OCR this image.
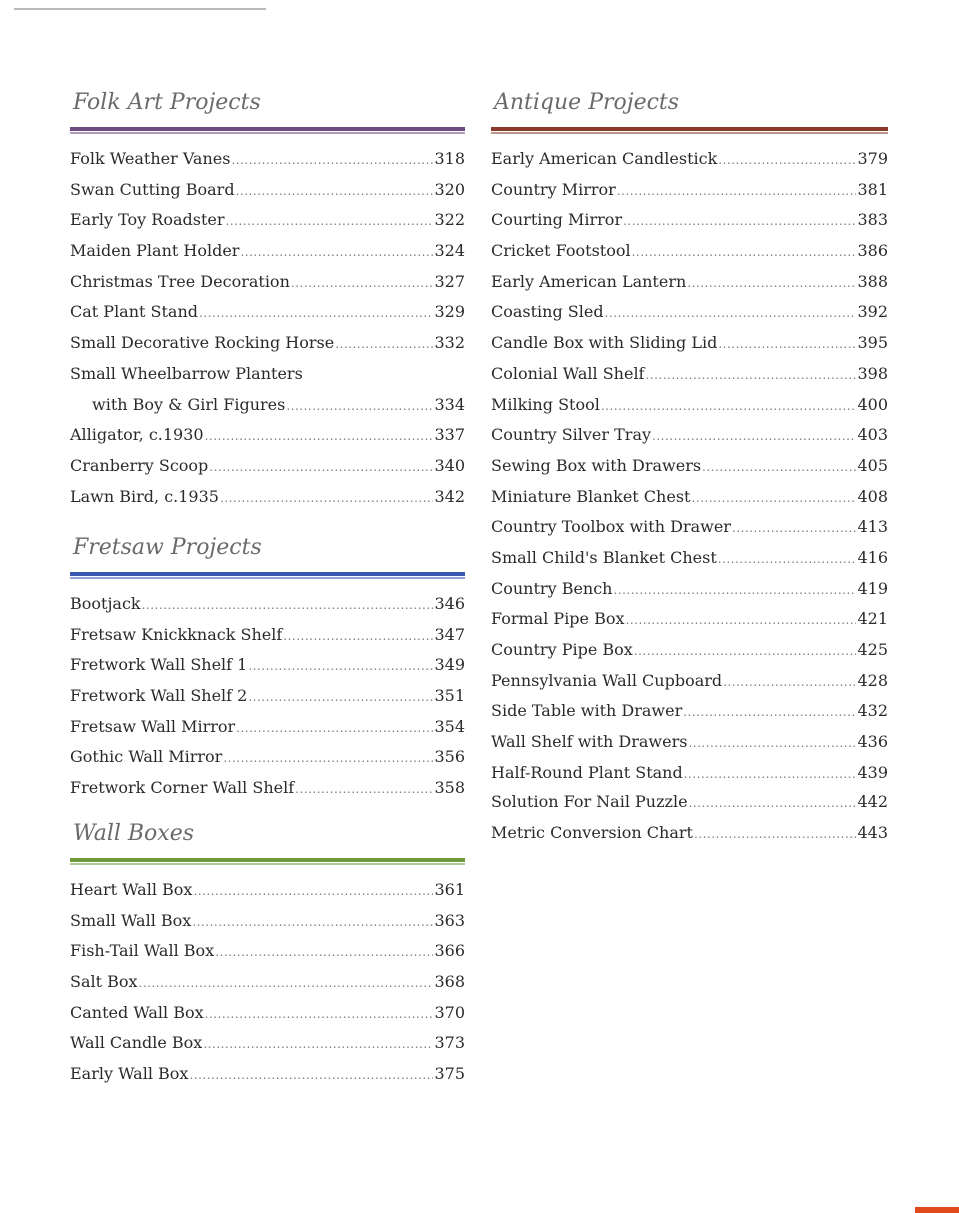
Folk Art Projects
Folk Weather Vanes .....	318
Swan Cutting Board .....	320
Early Toy Roadster .....	322
Maiden Plant Holder .....	324
Christmas Tree Decoration .....	327
Cat Plant Stand .....	329
Small Decorative Rocking Horse .....	332
Small Wheelbarrow Planters
with Boy & Girl Figures .....	334
Alligator, c.1930 .....	337
Cranberry Scoop .....	340
Lawn Bird, c.1935 .....	342
Fretsaw Projects
Bootjack .....	346
Fretsaw Knickknack Shelf .....	347
Fretwork Wall Shelf 1 .....	349
Fretwork Wall Shelf 2 .....	351
Fretsaw Wall Mirror .....	354
Gothic Wall Mirror .....	356
Fretwork Corner Wall Shelf .....	358
Wall Boxes
Heart Wall Box .....	361
Small Wall Box .....	363
Fish-Tail Wall Box .....	366
Salt Box .....	368
Canted Wall Box .....	370
Wall Candle Box .....	373
Early Wall Box .....	375
Antique Projects
Early American Candlestick .....	379
Country Mirror .....	381
Courting Mirror .....	383
Cricket Footstool .....	386
Early American Lantern .....	388
Coasting Sled .....	392
Candle Box with Sliding Lid .....	395
Colonial Wall Shelf .....	398
Milking Stool .....	400
Country Silver Tray .....	403
Sewing Box with Drawers .....	405
Miniature Blanket Chest .....	408
Country Toolbox with Drawer .....	413
Small Child's Blanket Chest .....	416
Country Bench .....	419
Formal Pipe Box .....	421
Country Pipe Box .....	425
Pennsylvania Wall Cupboard .....	428
Side Table with Drawer .....	432
Wall Shelf with Drawers .....	436
Half-Round Plant Stand .....	439
Solution For Nail Puzzle .....	442
Metric Conversion Chart .....	443
